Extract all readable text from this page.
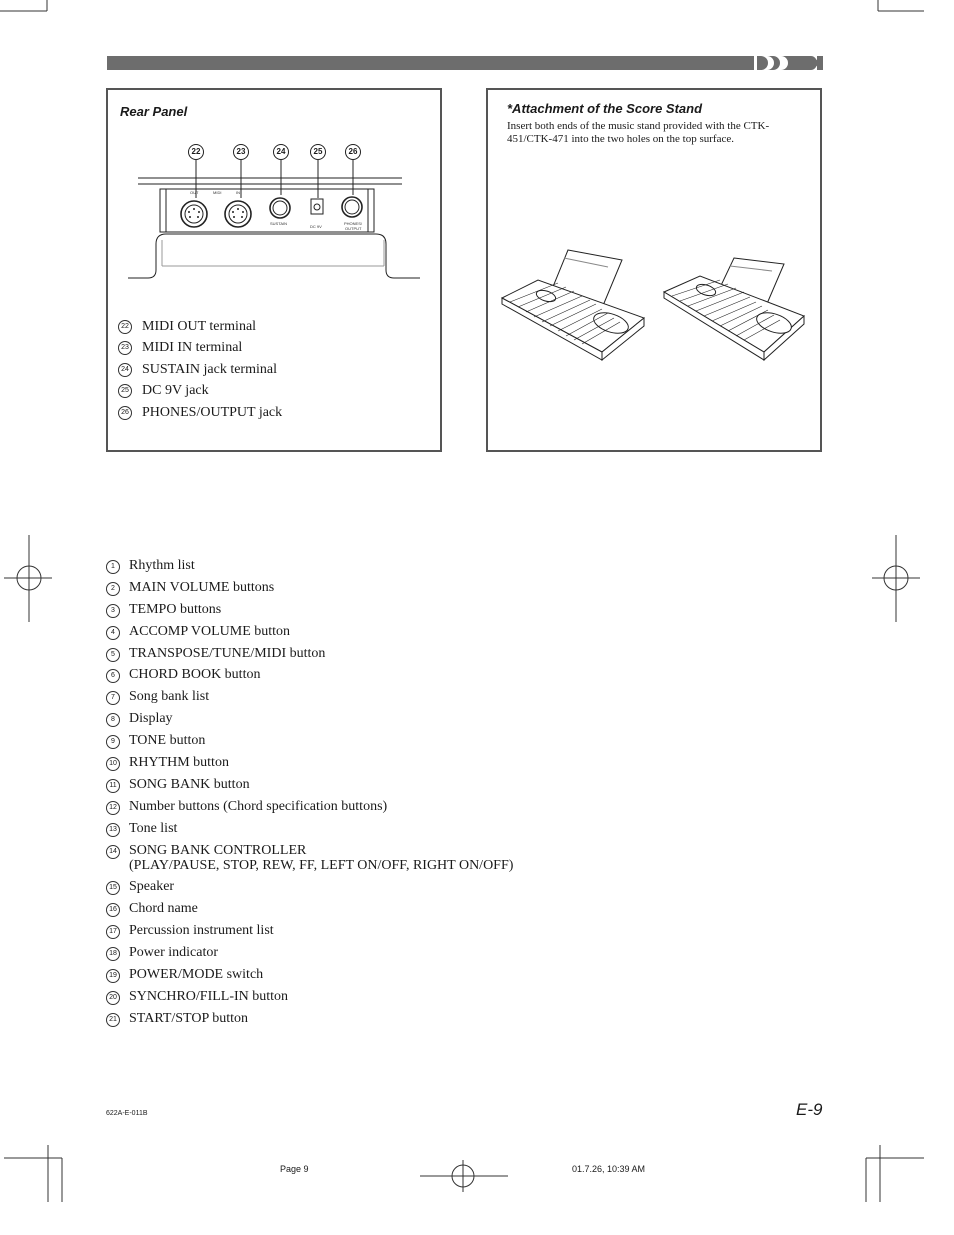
Rear Panel
22	23	24	25	26
OUT	MIDI	IN
SUSTAIN
DC 9V
PHONES/
OUTPUT
22 MIDI OUT terminal
23 MIDI IN terminal
24 SUSTAIN jack terminal
25 DC 9V jack
26 PHONES/OUTPUT jack
*Attachment of the Score Stand
Insert both ends of the music stand provided with the CTK-451/CTK-471 into the two holes on the top surface.
1	Rhythm list
2	MAIN VOLUME buttons
3	TEMPO buttons
4	ACCOMP VOLUME button
5	TRANSPOSE/TUNE/MIDI button
6	CHORD BOOK button
7	Song bank list
8	Display
9	TONE button
10 RHYTHM button
11 SONG BANK button
12 Number buttons (Chord specification buttons)
13 Tone list
14 SONG BANK CONTROLLER
(PLAY/PAUSE, STOP, REW, FF, LEFT ON/OFF, RIGHT ON/OFF)
15 Speaker
16 Chord name
17 Percussion instrument list
18 Power indicator
19 POWER/MODE switch
20 SYNCHRO/FILL-IN button
21 START/STOP button
622A-E-011B	E-9
Page 9	01.7.26, 10:39 AM
